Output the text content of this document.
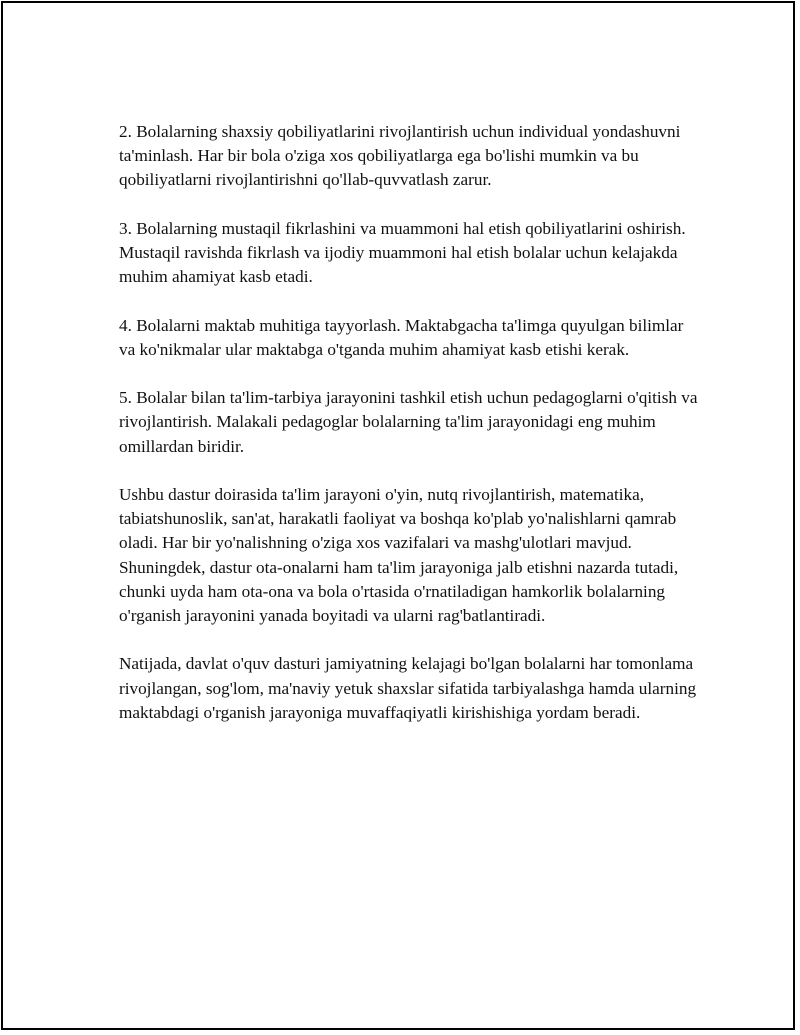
2. Bolalarning shaxsiy qobiliyatlarini rivojlantirish uchun individual yondashuvni ta'minlash. Har bir bola o'ziga xos qobiliyatlarga ega bo'lishi mumkin va bu qobiliyatlarni rivojlantirishni qo'llab-quvvatlash zarur.

3. Bolalarning mustaqil fikrlashini va muammoni hal etish qobiliyatlarini oshirish. Mustaqil ravishda fikrlash va ijodiy muammoni hal etish bolalar uchun kelajakda muhim ahamiyat kasb etadi.

4. Bolalarni maktab muhitiga tayyorlash. Maktabgacha ta'limga quyulgan bilimlar va ko'nikmalar ular maktabga o'tganda muhim ahamiyat kasb etishi kerak.

5. Bolalar bilan ta'lim-tarbiya jarayonini tashkil etish uchun pedagoglarni o'qitish va rivojlantirish. Malakali pedagoglar bolalarning ta'lim jarayonidagi eng muhim omillardan biridir.

Ushbu dastur doirasida ta'lim jarayoni o'yin, nutq rivojlantirish, matematika, tabiatshunoslik, san'at, harakatli faoliyat va boshqa ko'plab yo'nalishlarni qamrab oladi. Har bir yo'nalishning o'ziga xos vazifalari va mashg'ulotlari mavjud. Shuningdek, dastur ota-onalarni ham ta'lim jarayoniga jalb etishni nazarda tutadi, chunki uyda ham ota-ona va bola o'rtasida o'rnatiladigan hamkorlik bolalarning o'rganish jarayonini yanada boyitadi va ularni rag'batlantiradi.

Natijada, davlat o'quv dasturi jamiyatning kelajagi bo'lgan bolalarni har tomonlama rivojlangan, sog'lom, ma'naviy yetuk shaxslar sifatida tarbiyalashga hamda ularning maktabdagi o'rganish jarayoniga muvaffaqiyatli kirishishiga yordam beradi.
